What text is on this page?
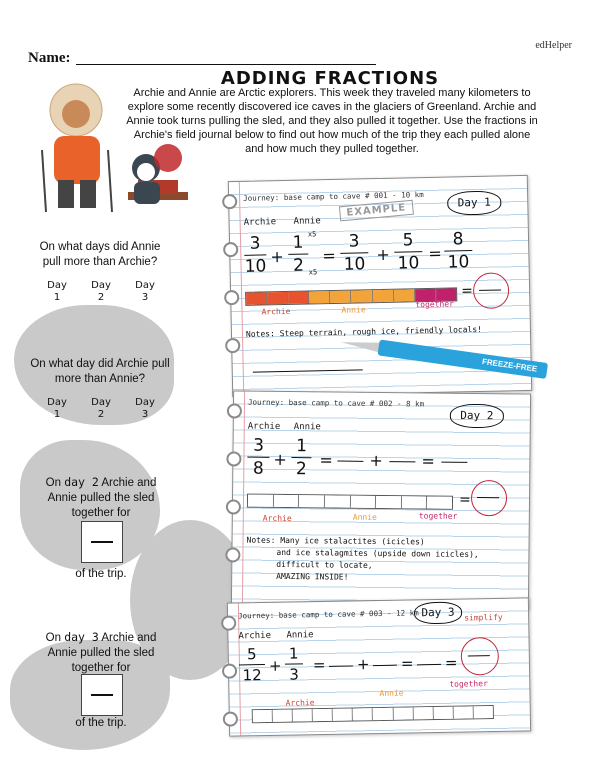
edHelper
Name:
ADDING FRACTIONS
Archie and Annie are Arctic explorers. This week they traveled many kilometers to explore some recently discovered ice caves in the glaciers of Greenland. Archie and Annie took turns pulling the sled, and they also pulled it together. Use the fractions in Archie's field journal below to find out how much of the trip they each pulled alone and how much they pulled together.
On what days did Annie pull more than Archie?
Day
1
Day
2
Day
3
On what day did Archie pull more than Annie?
Day
1
Day
2
Day
3
On day 2 Archie and Annie pulled the sled together for
of the trip.
On day 3 Archie and Annie pulled the sled together for
of the trip.
Journey: base camp to cave # 001 - 10 km	Day 1
EXAMPLE
Archie Annie
3
10 +
1
2
x5
x5
=
3
10 +
5
10 =
8
10
=
Archie	Annie
together
Notes: Steep terrain, rough ice, friendly locals!
FREEZE-FREE
Journey: base camp to cave # 002 - 8 km
Day 2
Archie Annie
3
8 +
1
2 = + =
=
Archie	Annie	together
Notes: Many ice stalactites (icicles)
and ice stalagmites (upside down icicles),
difficult to locate,
AMAZING INSIDE!
Journey: base camp to cave # 003 - 12 km Day 3	simplify
Archie Annie
5
12
+
1
3
= + = =
together
Archie
Annie
